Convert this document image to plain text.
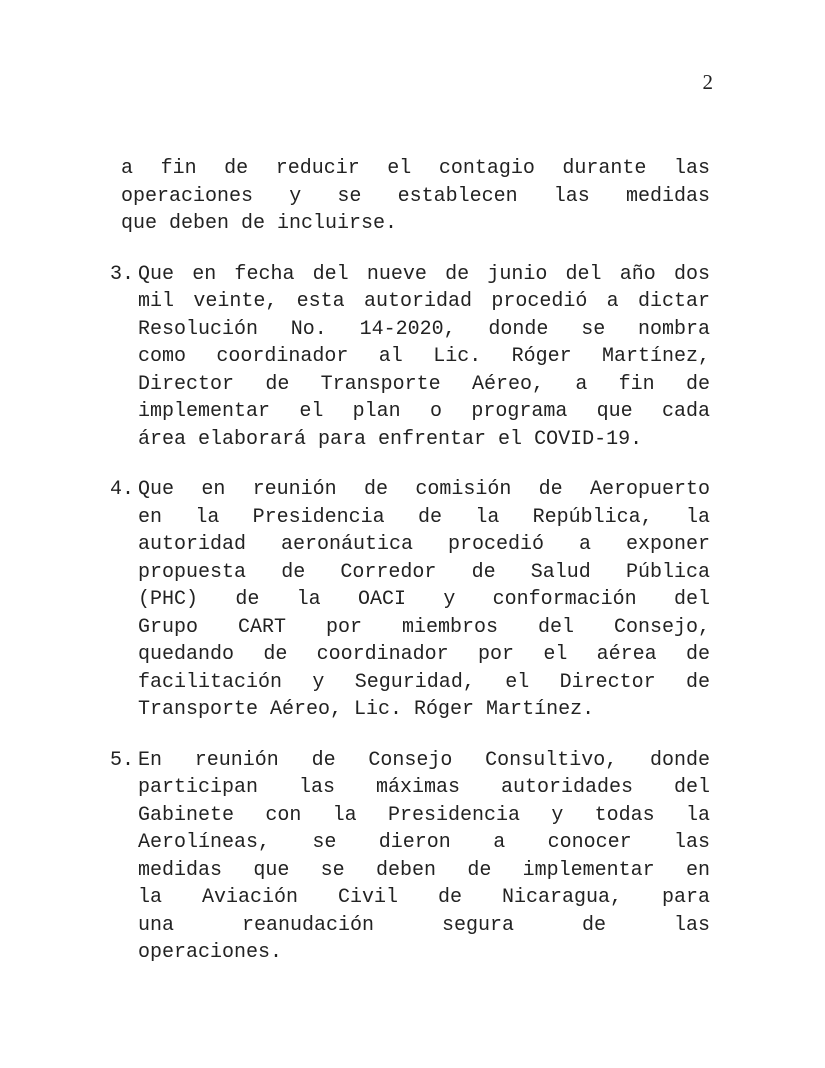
2
a fin de reducir el contagio durante las
operaciones y se establecen las medidas
que deben de incluirse.
3. Que en fecha del nueve de junio del año dos
mil veinte, esta autoridad procedió a dictar
Resolución No. 14-2020, donde se nombra
como coordinador al Lic. Róger Martínez,
Director de Transporte Aéreo, a fin de
implementar el plan o programa que cada
área elaborará para enfrentar el COVID-19.
4. Que en reunión de comisión de Aeropuerto
en la Presidencia de la República, la
autoridad aeronáutica procedió a exponer
propuesta de Corredor de Salud Pública
(PHC) de la OACI y conformación del
Grupo CART por miembros del Consejo,
quedando de coordinador por el aérea de
facilitación y Seguridad, el Director de
Transporte Aéreo, Lic. Róger Martínez.
5. En reunión de Consejo Consultivo, donde
participan las máximas autoridades del
Gabinete con la Presidencia y todas la
Aerolíneas, se dieron a conocer las
medidas que se deben de implementar en
la Aviación Civil de Nicaragua, para
una reanudación segura de las
operaciones.
